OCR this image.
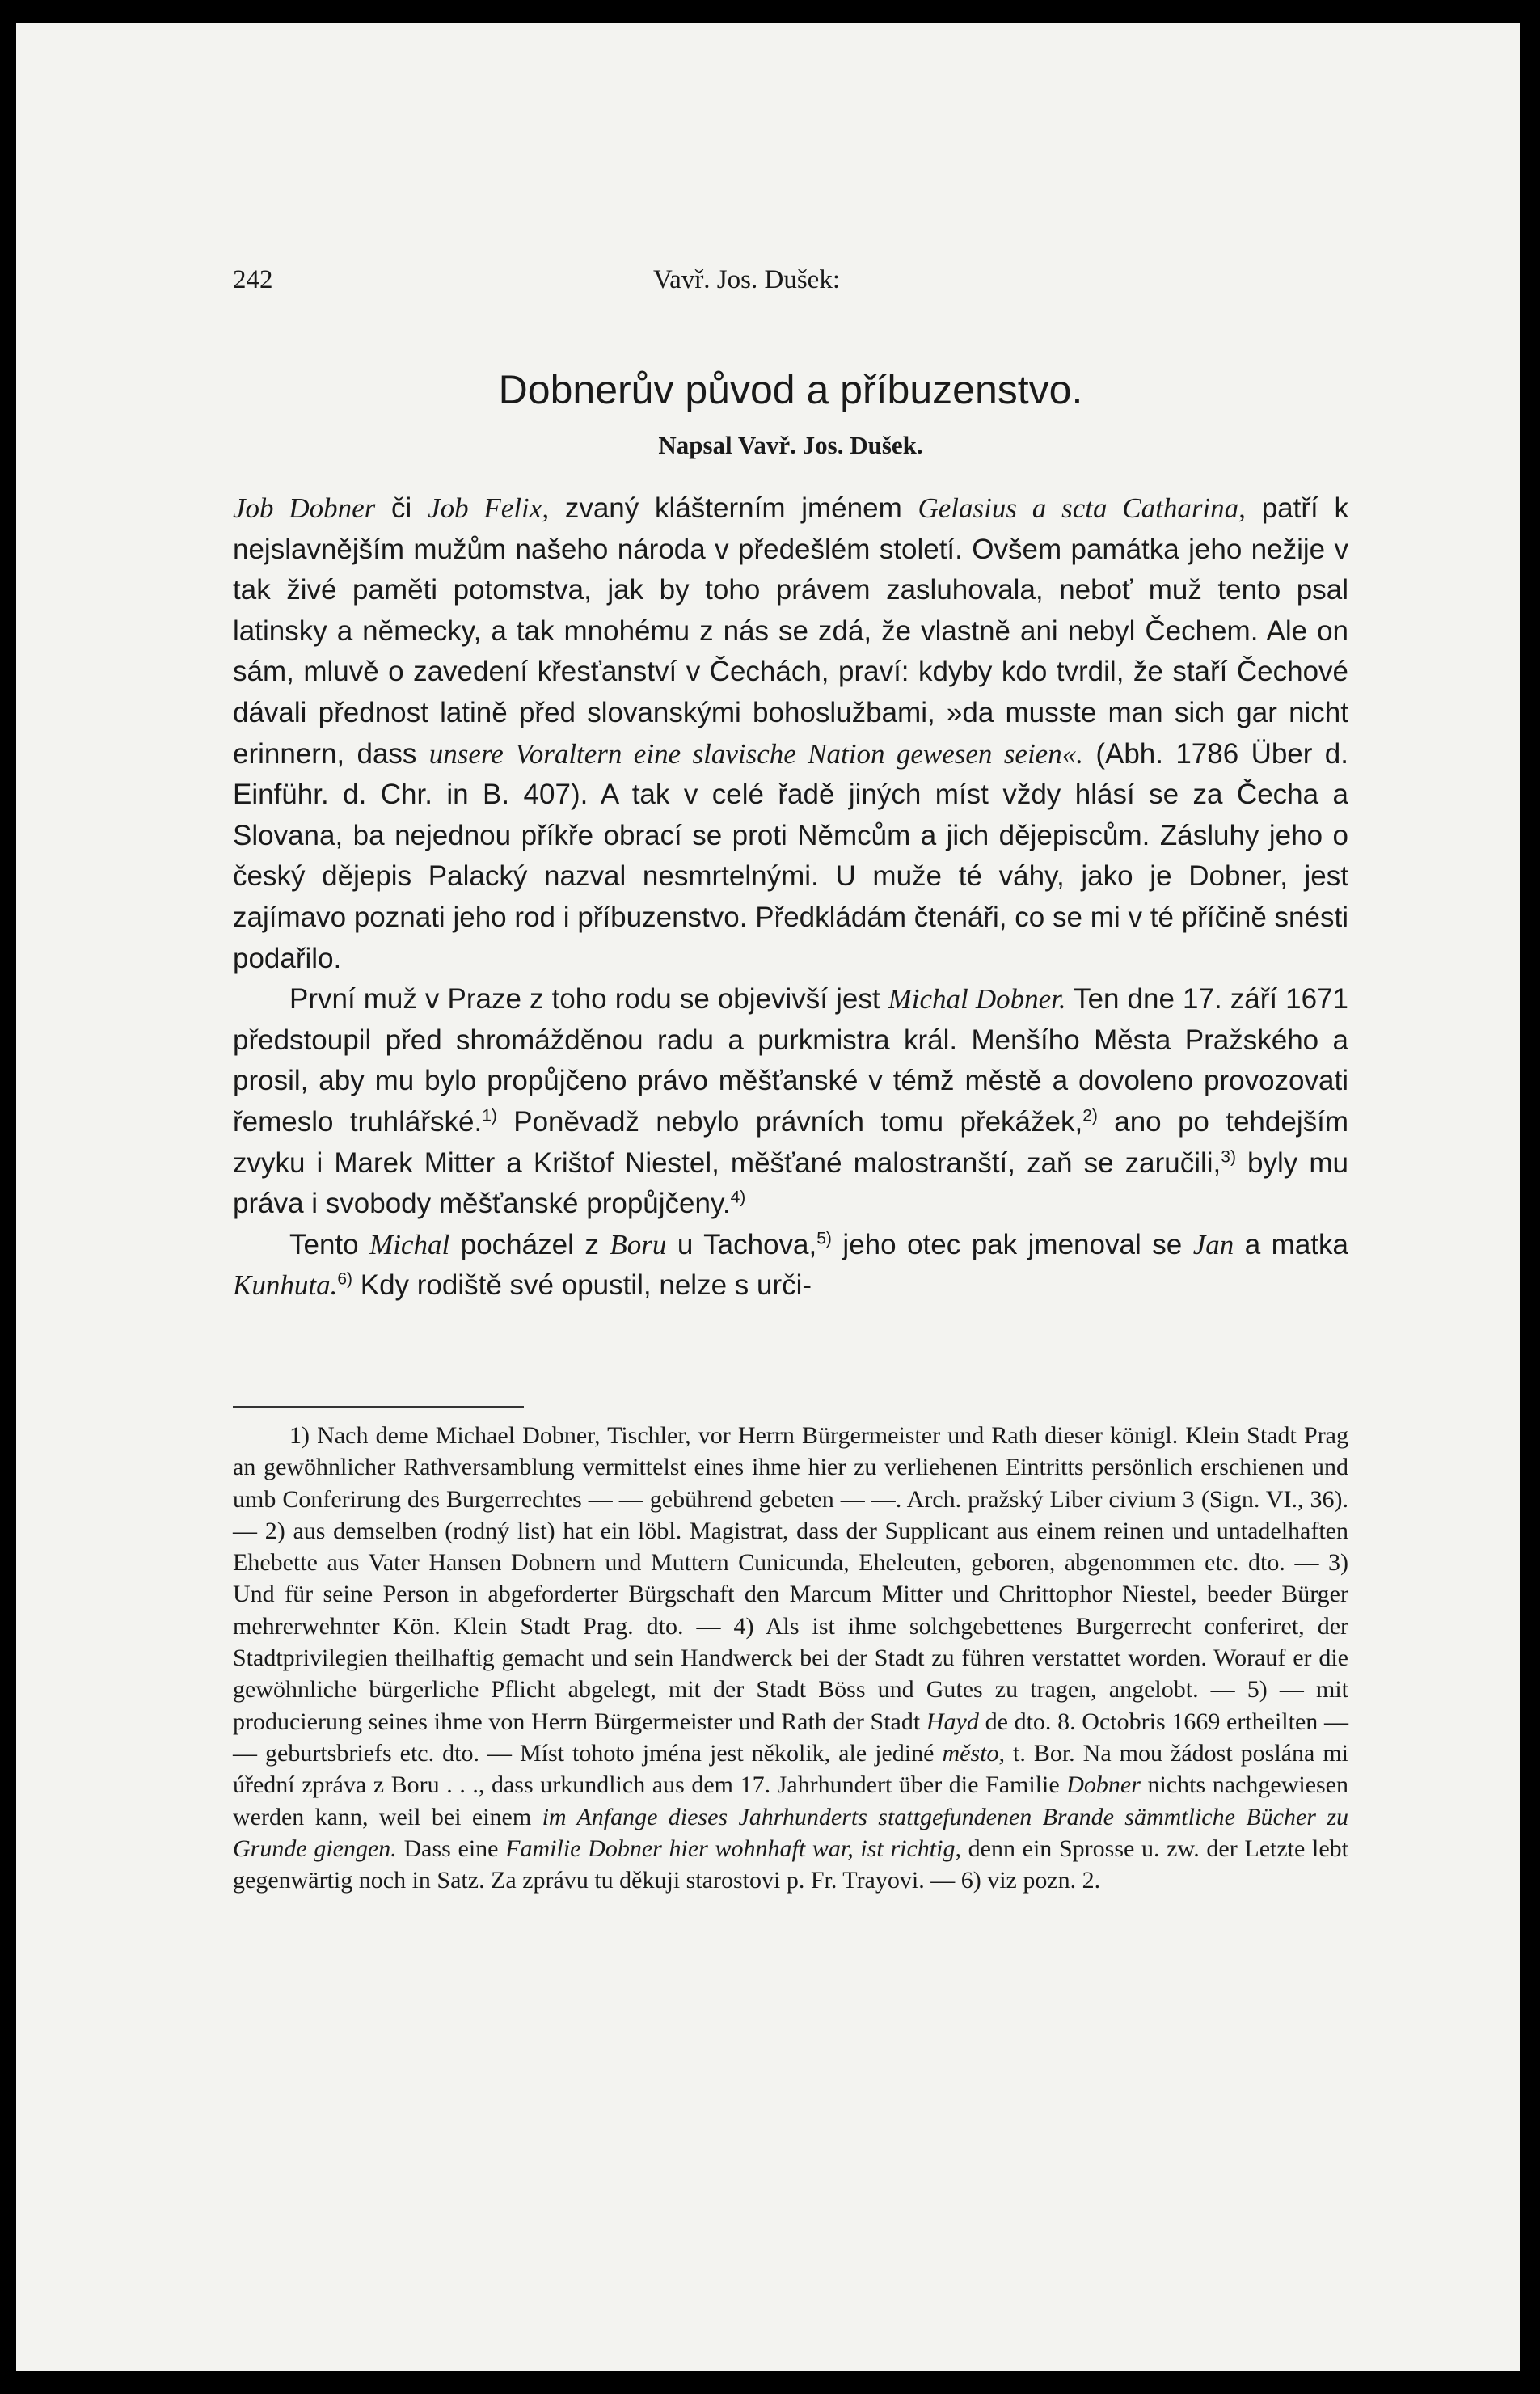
242	Vavř. Jos. Dušek:
Dobnerův původ a příbuzenstvo.
Napsal Vavř. Jos. Dušek.

Job Dobner či Job Felix, zvaný klášterním jménem Gelasius a scta Catharina, patří k nejslavnějším mužům našeho národa v předešlém století. Ovšem památka jeho nežije v tak živé paměti potomstva, jak by toho právem zasluhovala, neboť muž tento psal latinsky a německy, a tak mnohému z nás se zdá, že vlastně ani nebyl Čechem. Ale on sám, mluvě o zavedení křesťanství v Čechách, praví: kdyby kdo tvrdil, že staří Čechové dávali přednost latině před slovanskými bohoslužbami, »da musste man sich gar nicht erinnern, dass unsere Voraltern eine slavische Nation gewesen seien«. (Abh. 1786 Über d. Einführ. d. Chr. in B. 407). A tak v celé řadě jiných míst vždy hlásí se za Čecha a Slovana, ba nejednou příkře obrací se proti Němcům a jich dějepiscům. Zásluhy jeho o český dějepis Palacký nazval nesmrtelnými. U muže té váhy, jako je Dobner, jest zajímavo poznati jeho rod i příbuzenstvo. Předkládám čtenáři, co se mi v té příčině snésti podařilo.

První muž v Praze z toho rodu se objevivší jest Michal Dobner. Ten dne 17. září 1671 předstoupil před shromážděnou radu a purkmistra král. Menšího Města Pražského a prosil, aby mu bylo propůjčeno právo měšťanské v témž městě a dovoleno provozovati řemeslo truhlářské.$^{1)}$ Poněvadž nebylo právních tomu překážek,$^{2)}$ ano po tehdejším zvyku i Marek Mitter a Krištof Niestel, měšťané malostranští, zaň se zaručili,$^{3)}$ byly mu práva i svobody měšťanské propůjčeny.$^{4)}$

Tento Michal pocházel z Boru u Tachova,$^{5)}$ jeho otec pak jmenoval se Jan a matka Kunhuta.$^{6)}$ Kdy rodiště své opustil, nelze s urči-

1) Nach deme Michael Dobner, Tischler, vor Herrn Bürgermeister und Rath dieser königl. Klein Stadt Prag an gewöhnlicher Rathversamblung vermittelst eines ihme hier zu verliehenen Eintritts persönlich erschienen und umb Conferirung des Burgerrechtes — — gebührend gebeten — —. Arch. pražský Liber civium 3 (Sign. VI., 36). — 2) aus demselben (rodný list) hat ein löbl. Magistrat, dass der Supplicant aus einem reinen und untadelhaften Ehebette aus Vater Hansen Dobnern und Muttern Cunicunda, Eheleuten, geboren, abgenommen etc. dto. — 3) Und für seine Person in abgeforderter Bürgschaft den Marcum Mitter und Chrittophor Niestel, beeder Bürger mehrerwehnter Kön. Klein Stadt Prag. dto. — 4) Als ist ihme solchgebettenes Burgerrecht conferiret, der Stadtprivilegien theilhaftig gemacht und sein Handwerck bei der Stadt zu führen verstattet worden. Worauf er die gewöhnliche bürgerliche Pflicht abgelegt, mit der Stadt Böss und Gutes zu tragen, angelobt. — 5) — mit producierung seines ihme von Herrn Bürgermeister und Rath der Stadt Hayd de dto. 8. Octobris 1669 ertheilten — — geburtsbriefs etc. dto. — Míst tohoto jména jest několik, ale jediné město, t. Bor. Na mou žádost poslána mi úřední zpráva z Boru . . ., dass urkundlich aus dem 17. Jahrhundert über die Familie Dobner nichts nachgewiesen werden kann, weil bei einem im Anfange dieses Jahrhunderts stattgefundenen Brande sämmtliche Bücher zu Grunde giengen. Dass eine Familie Dobner hier wohnhaft war, ist richtig, denn ein Sprosse u. zw. der Letzte lebt gegenwärtig noch in Satz. Za zprávu tu děkuji starostovi p. Fr. Trayovi. — 6) viz pozn. 2.
